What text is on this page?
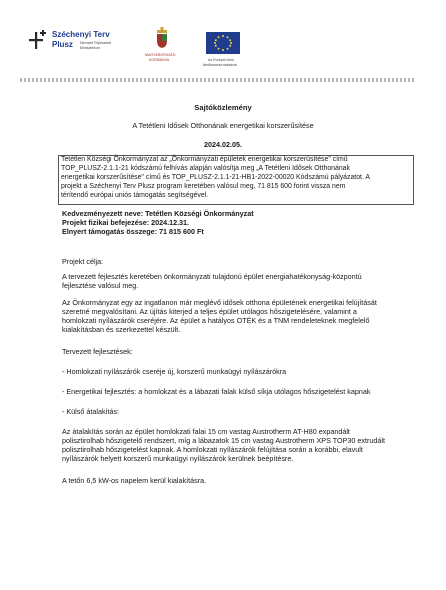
Széchenyi Terv
Plusz Nemzeti Fejlesztési
Minisztérium
MAGYARORSZÁG
KORMÁNYA	Az Európai Unió
társfinanszírozásával
Sajtóközlemény
A Tetétleni Idősek Otthonának energetikai korszerűsítése
2024.02.05.
Tetétlen Községi Önkormányzat az „Önkormányzati épületek energetikai korszerűsítése" című
TOP_PLUSZ-2.1.1-21 kódszámú felhívás alapján valósítja meg „A Tetétleni Idősek Otthonának
energetikai korszerűsítése" című és TOP_PLUSZ-2.1.1-21-HB1-2022-00020 Kódszámú pályázatot. A
projekt a Széchenyi Terv Plusz program keretében valósul meg, 71 815 600 forint vissza nem
térítendő európai uniós támogatás segítségével.
Kedvezményezett neve: Tetétlen Községi Önkormányzat
Projekt fizikai befejezése: 2024.12.31.
Elnyert támogatás összege: 71 815 600 Ft
Projekt célja:
A tervezett fejlesztés keretében önkormányzati tulajdonú épület energiahatékonyság-központú
fejlesztése valósul meg.
Az Önkormányzat egy az ingatlanon már meglévő idősek otthona épületének energetikai felújítását
szeretné megvalósítani. Az újítás kiterjed a teljes épület utólagos hőszigetelésére, valamint a
homlokzati nyílászárók cseréjére. Az épület a hatályos OTÉK és a TNM rendeleteknek megfelelő
kialakításban és szerkezettel készült.
Tervezett fejlesztések:
- Homlokzati nyílászárók cseréje új, korszerű munkaügyi nyílászárókra
- Energetikai fejlesztés: a homlokzat és a lábazati falak külső síkja utólagos hőszigetelést kapnak
- Külső átalakítás:
Az átalakítás során az épület homlokzati falai 15 cm vastag Austrotherm AT-H80 expandált
polisztirolhab hőszigetelő rendszert, míg a lábazatok 15 cm vastag Austrotherm XPS TOP30 extrudált
polisztirolhab hőszigetelést kapnak. A homlokzati nyílászárók felújítása során a korábbi, elavult
nyílászárók helyett korszerű munkaügyi nyílászárók kerülnek beépítésre.
A tetőn 6,5 kW-os napelem kerül kialakításra.
